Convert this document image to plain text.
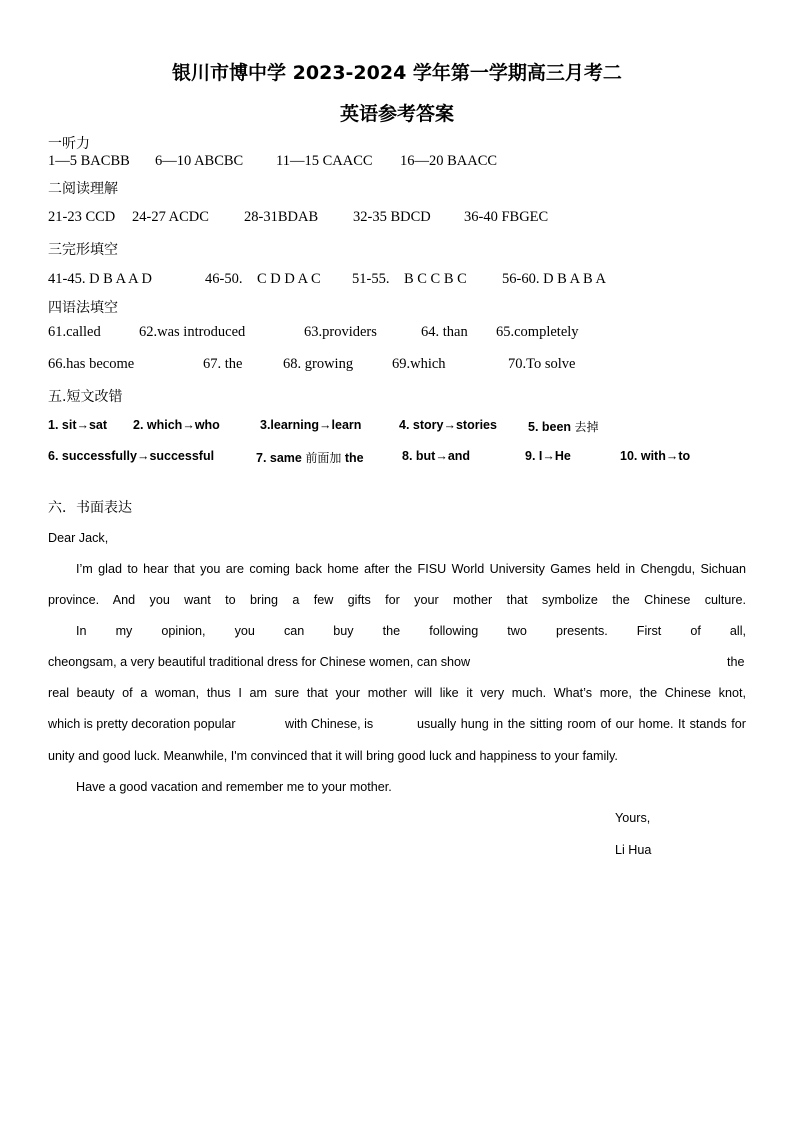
银川市博中学 2023-2024 学年第一学期高三月考二
英语参考答案
一听力
1—5 BACBB 6—10 ABCBC 11—15 CAACC 16—20 BAACC
二阅读理解
21-23 CCD 24-27 ACDC 28-31BDAB 32-35 BDCD 36-40 FBGEC
三完形填空
41-45. D B A A D	46-50.    C D D A C 51-55.    B C C B C 56-60. D B A B A
四语法填空
61.called	62.was introduced	63.providers	64. than 65.completely
66.has become	67. the	68. growing	69.which	70.To solve
五.短文改错
1. sit→sat 2. which→who	3.learning→learn	4. story→stories 5. been 去掉
6. successfully→successful	7. same 前面加 the	8. but→and	9. I→He	10. with→to
六．书面表达
Dear Jack,

I’m glad to hear that you are coming back home after the FISU World University Games held in Chengdu, Sichuan province. And you want to bring a few gifts for your mother that symbolize the Chinese culture.

In my opinion, you can buy the following two presents. First of all,
cheongsam, a very beautiful traditional dress for Chinese women, can show	the
real beauty of a woman, thus I am sure that your mother will like it very much. What’s more, the Chinese knot,
which is pretty decoration popular	with Chinese, is	usually hung in the sitting room of our home. It stands for
unity and good luck. Meanwhile, I'm convinced that it will bring good luck and happiness to your family.
Have a good vacation and remember me to your mother.
Yours,
Li Hua
